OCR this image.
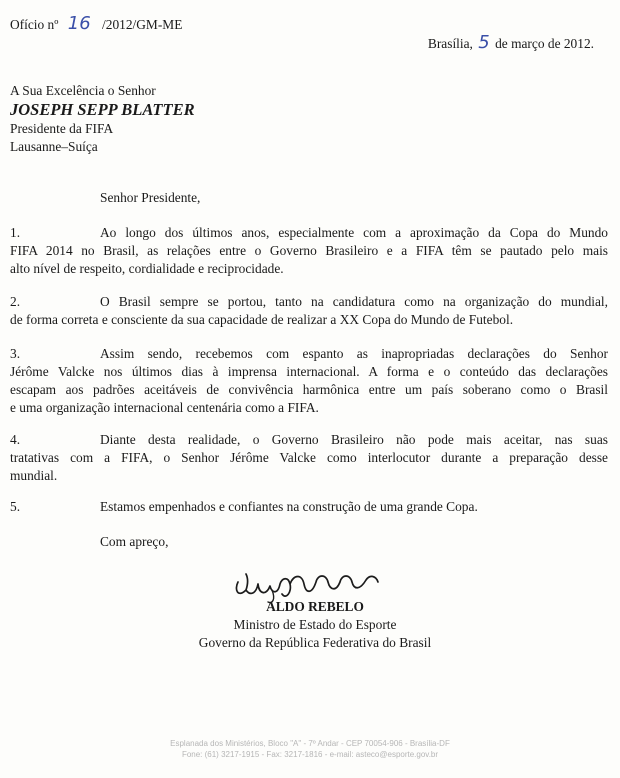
Ofício nº 16 /2012/GM-ME
Brasília, 5 de março de 2012.
A Sua Excelência o Senhor
JOSEPH SEPP BLATTER
Presidente da FIFA
Lausanne–Suíça
Senhor Presidente,
1.	Ao longo dos últimos anos, especialmente com a aproximação da Copa do Mundo
FIFA 2014 no Brasil, as relações entre o Governo Brasileiro e a FIFA têm se pautado pelo mais
alto nível de respeito, cordialidade e reciprocidade.
2.	O Brasil sempre se portou, tanto na candidatura como na organização do mundial,
de forma correta e consciente da sua capacidade de realizar a XX Copa do Mundo de Futebol.
3.	Assim sendo, recebemos com espanto as inapropriadas declarações do Senhor
Jérôme Valcke nos últimos dias à imprensa internacional. A forma e o conteúdo das declarações
escapam aos padrões aceitáveis de convivência harmônica entre um país soberano como o Brasil
e uma organização internacional centenária como a FIFA.
4.	Diante desta realidade, o Governo Brasileiro não pode mais aceitar, nas suas
tratativas com a FIFA, o Senhor Jérôme Valcke como interlocutor durante a preparação desse
mundial.
5.	Estamos empenhados e confiantes na construção de uma grande Copa.
Com apreço,
ALDO REBELO
Ministro de Estado do Esporte
Governo da República Federativa do Brasil
Esplanada dos Ministérios, Bloco "A" - 7º Andar - CEP 70054-906 - Brasília-DF
Fone: (61) 3217-1915 - Fax: 3217-1816 - e-mail: asteco@esporte.gov.br
